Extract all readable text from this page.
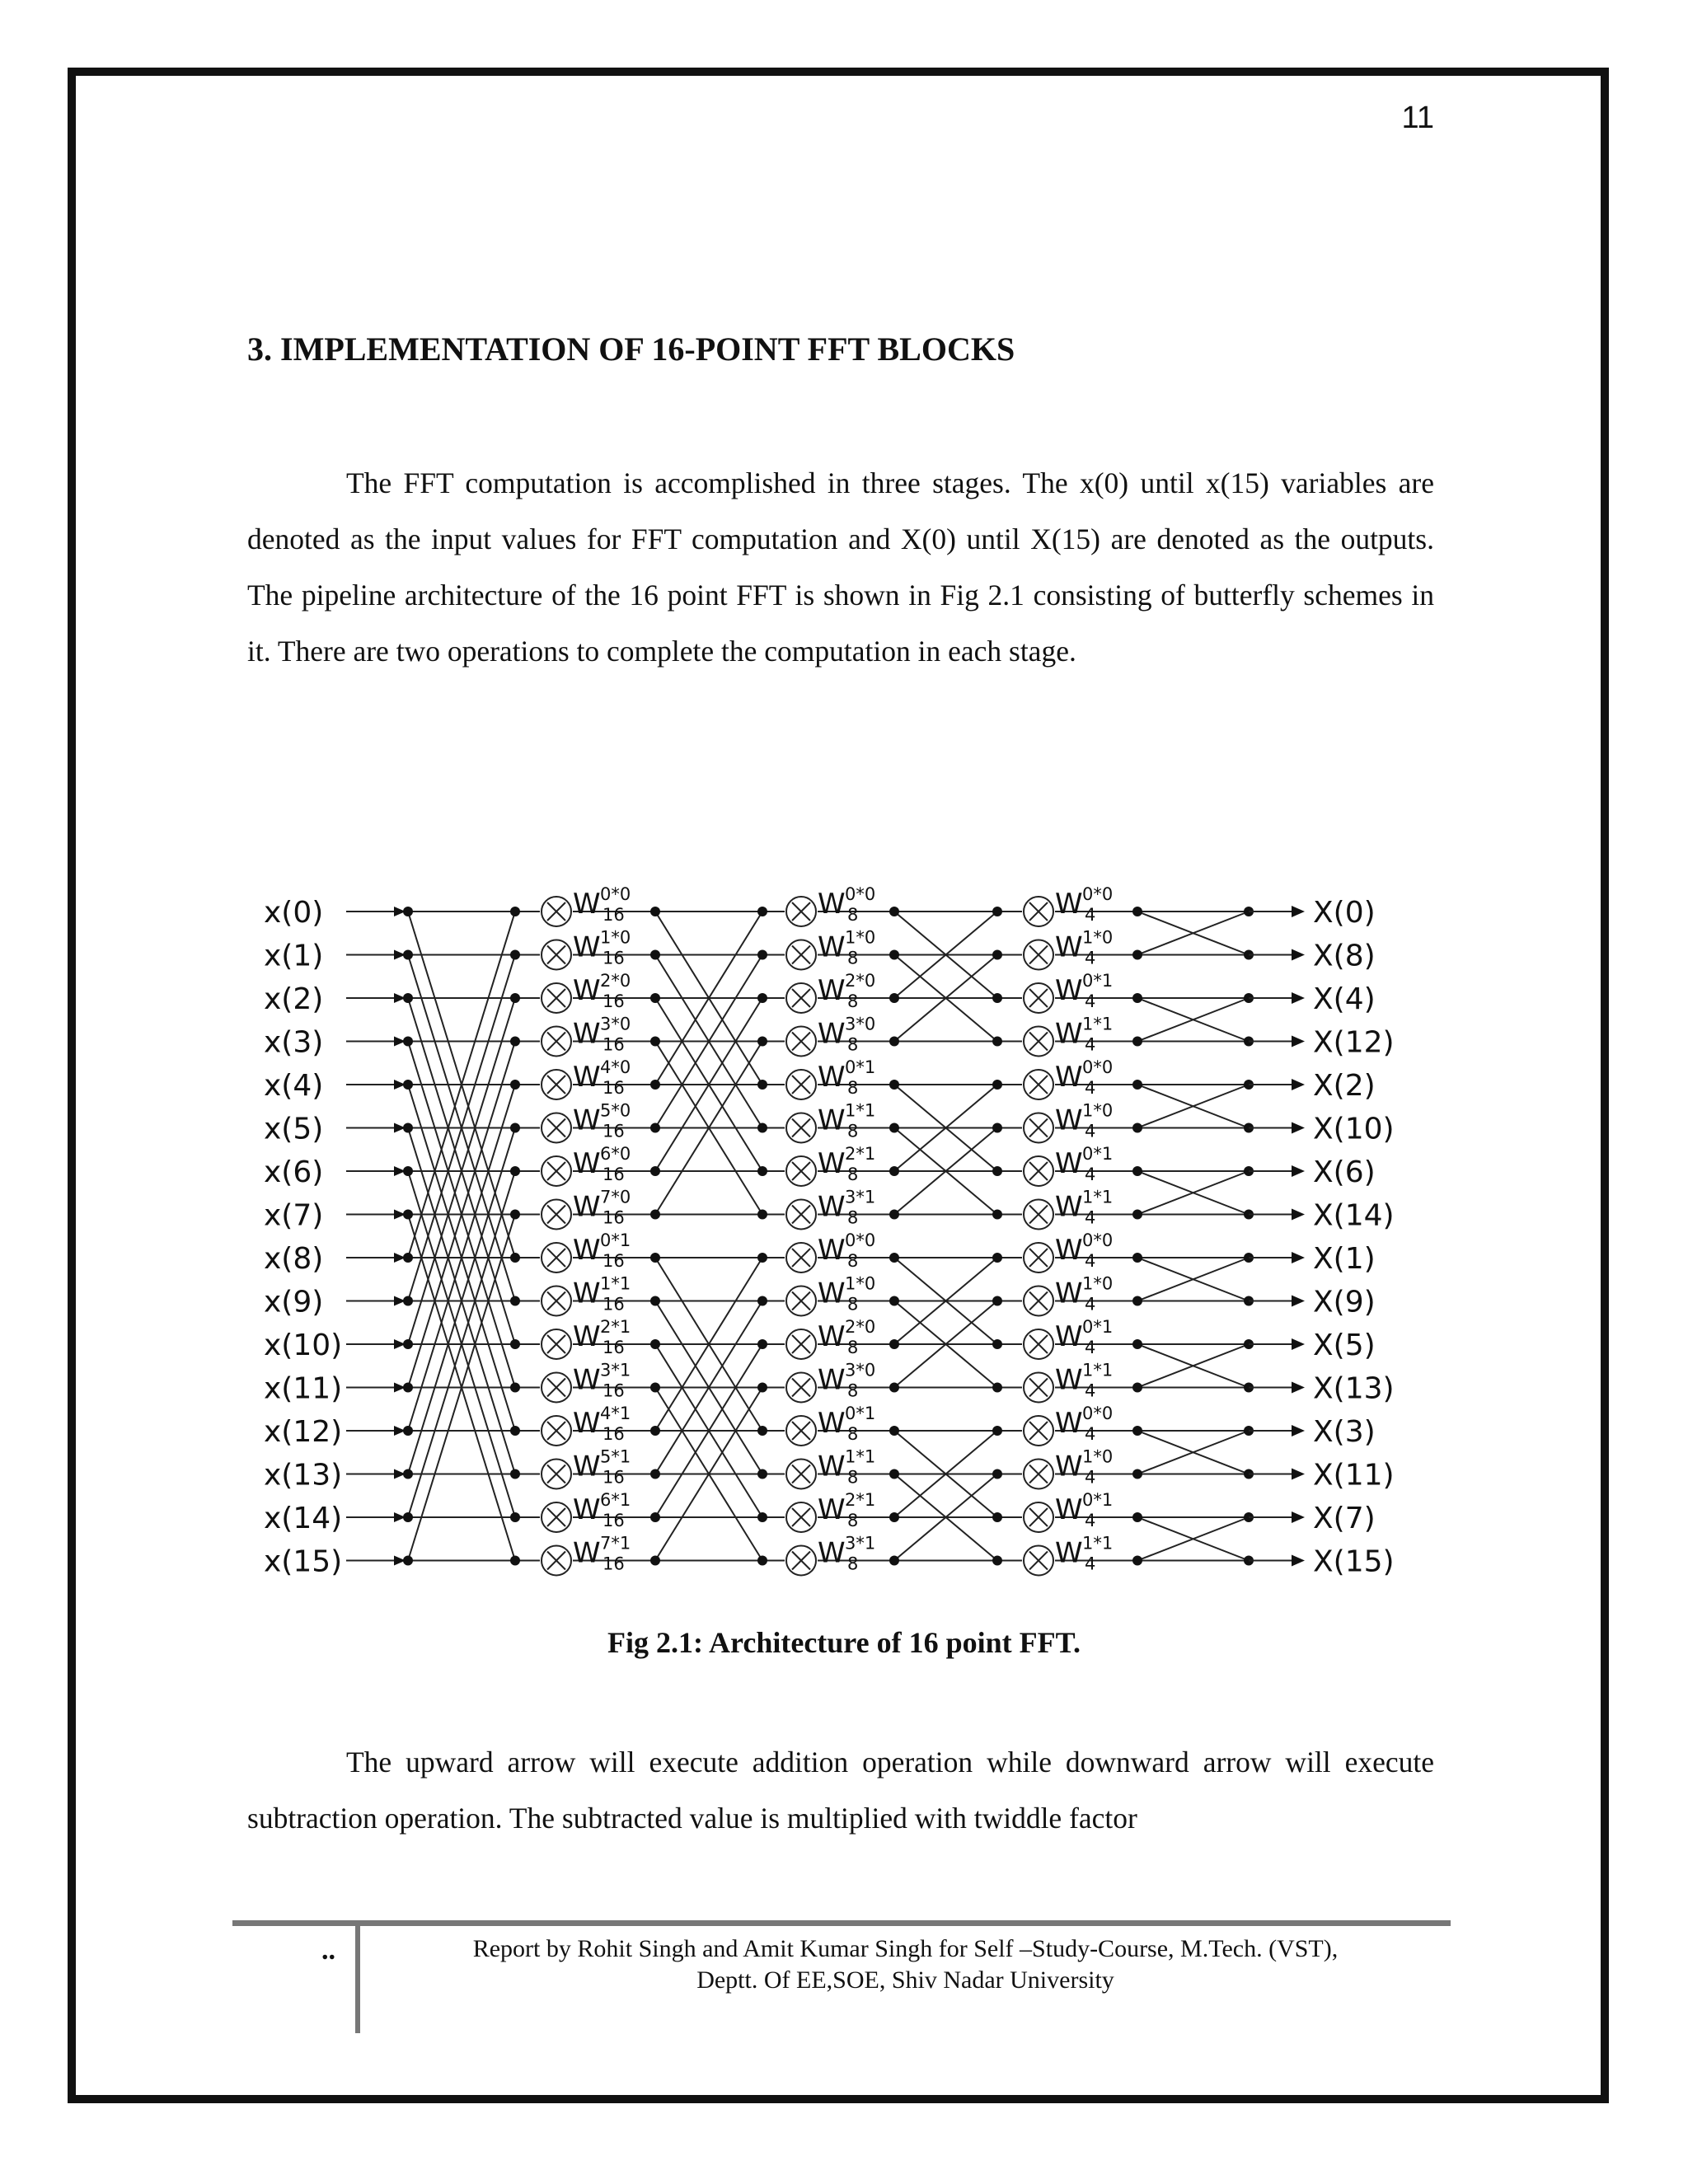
11
3. IMPLEMENTATION OF 16-POINT FFT BLOCKS

The FFT computation is accomplished in three stages. The x(0) until x(15) variables are denoted as the input values for FFT computation and X(0) until X(15) are denoted as the outputs. The pipeline architecture of the 16 point FFT is shown in Fig 2.1 consisting of butterfly schemes in it. There are two operations to complete the computation in each stage.

x(0)
x(1)
x(2)
x(3)
x(4)
x(5)
x(6)
x(7)
x(8)
x(9)
x(10)
x(11)
x(12)
x(13)
x(14)
x(15)
W 0*0
16
W 1*0
16
W 2*0
16
W 3*0
16
W 4*0
16
W 5*0
16
W 6*0
16
W 7*0
16
W 0*1
16
W 1*1
16
W 2*1
16
W 3*1
16
W 4*1
16
W 5*1
16
W 6*1
16
W 7*1
16
W 0*0
8
W 1*0
8
W 2*0
8
W 3*0
8
W 0*1
8
W 1*1
8
W 2*1
8
W 3*1
8
W 0*0
8
W 1*0
8
W 2*0
8
W 3*0
8
W 0*1
8
W 1*1
8
W 2*1
8
W 3*1
8
W 0*0
4
W 1*0
4
W 0*1
4
W 1*1
4
W 0*0
4
W 1*0
4
W 0*1
4
W 1*1
4
W 0*0
4
W 1*0
4
W 0*1
4
W 1*1
4
W 0*0
4
W 1*0
4
W 0*1
4
W 1*1
4
X(0)
X(8)
X(4)
X(12)
X(2)
X(10)
X(6)
X(14)
X(1)
X(9)
X(5)
X(13)
X(3)
X(11)
X(7)
X(15)
Fig 2.1: Architecture of 16 point FFT.

The upward arrow will execute addition operation while downward arrow will execute subtraction operation. The subtracted value is multiplied with twiddle factor

..	Report by Rohit Singh and Amit Kumar Singh for Self –Study-Course, M.Tech. (VST),
Deptt. Of EE,SOE, Shiv Nadar University
